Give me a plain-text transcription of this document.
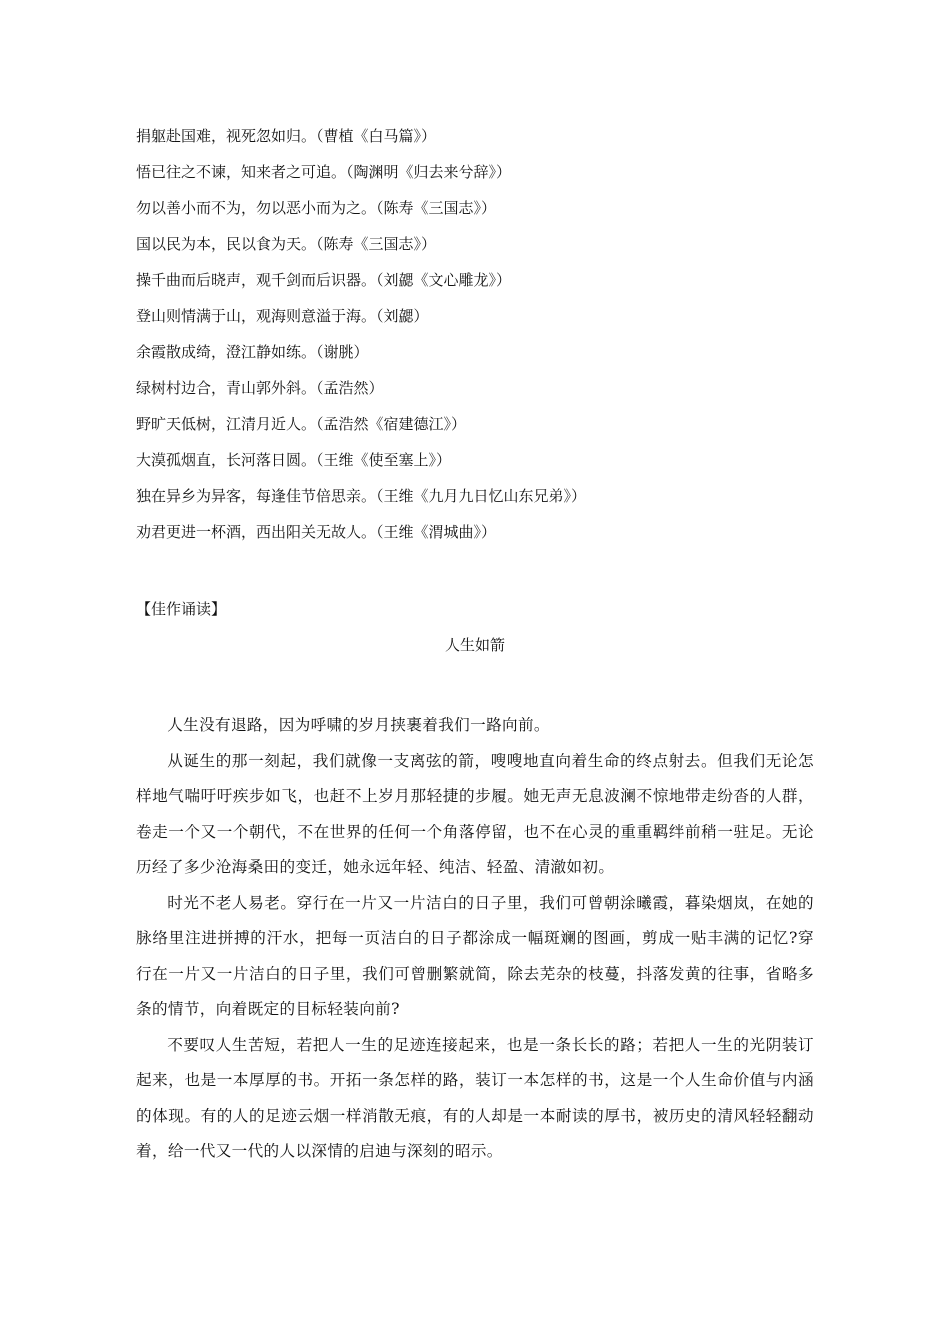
捐躯赴国难，视死忽如归。（曹植《白马篇》）
悟已往之不谏，知来者之可追。（陶渊明《归去来兮辞》）
勿以善小而不为，勿以恶小而为之。（陈寿《三国志》）
国以民为本，民以食为天。（陈寿《三国志》）
操千曲而后晓声，观千剑而后识器。（刘勰《文心雕龙》）
登山则情满于山，观海则意溢于海。（刘勰）
余霞散成绮，澄江静如练。（谢朓）
绿树村边合，青山郭外斜。（孟浩然）
野旷天低树，江清月近人。（孟浩然《宿建德江》）
大漠孤烟直，长河落日圆。（王维《使至塞上》）
独在异乡为异客，每逢佳节倍思亲。（王维《九月九日忆山东兄弟》）
劝君更进一杯酒，西出阳关无故人。（王维《渭城曲》）
【佳作诵读】
人生如箭

人生没有退路，因为呼啸的岁月挟裹着我们一路向前。

从诞生的那一刻起，我们就像一支离弦的箭，嗖嗖地直向着生命的终点射去。但我们无论怎样地气喘吁吁疾步如飞，也赶不上岁月那轻捷的步履。她无声无息波澜不惊地带走纷沓的人群，卷走一个又一个朝代，不在世界的任何一个角落停留，也不在心灵的重重羁绊前稍一驻足。无论历经了多少沧海桑田的变迁，她永远年轻、纯洁、轻盈、清澈如初。

时光不老人易老。穿行在一片又一片洁白的日子里，我们可曾朝涂曦霞，暮染烟岚，在她的脉络里注进拼搏的汗水，把每一页洁白的日子都涂成一幅斑斓的图画，剪成一贴丰满的记忆?穿行在一片又一片洁白的日子里，我们可曾删繁就简，除去芜杂的枝蔓，抖落发黄的往事，省略多条的情节，向着既定的目标轻装向前?

不要叹人生苦短，若把人一生的足迹连接起来，也是一条长长的路；若把人一生的光阴装订起来，也是一本厚厚的书。开拓一条怎样的路，装订一本怎样的书，这是一个人生命价值与内涵的体现。有的人的足迹云烟一样消散无痕，有的人却是一本耐读的厚书，被历史的清风轻轻翻动着，给一代又一代的人以深情的启迪与深刻的昭示。
